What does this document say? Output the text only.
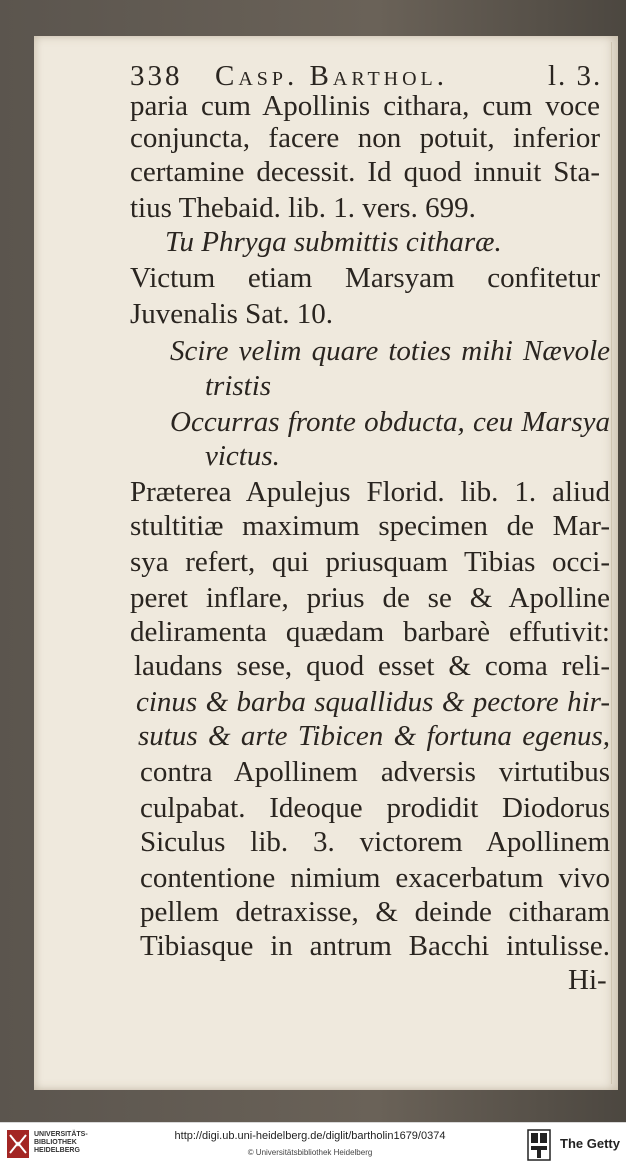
338 Casp. Barthol.	l. 3.
paria cum Apollinis cithara, cum voce
conjuncta, facere non potuit, inferior
certamine decessit. Id quod innuit Sta-
tius Thebaid. lib. 1. vers. 699.
Tu Phryga submittis citharæ.
Victum etiam Marsyam confitetur
Juvenalis Sat. 10.
Scire velim quare toties mihi Nævole
tristis
Occurras fronte obducta, ceu Marsya
victus.
Præterea Apulejus Florid. lib. 1. aliud
stultitiæ maximum specimen de Mar-
sya refert, qui priusquam Tibias occi-
peret inflare, prius de se & Apolline
deliramenta quædam barbarè effutivit:
laudans sese, quod esset & coma reli-
cinus & barba squallidus & pectore hir-
sutus & arte Tibicen & fortuna egenus,
contra Apollinem adversis virtutibus
culpabat. Ideoque prodidit Diodorus
Siculus lib. 3. victorem Apollinem
contentione nimium exacerbatum vivo
pellem detraxisse, & deinde citharam
Tibiasque in antrum Bacchi intulisse.
Hi-
UNIVERSITÄTS-
BIBLIOTHEK
HEIDELBERG
http://digi.ub.uni-heidelberg.de/diglit/bartholin1679/0374
© Universitätsbibliothek Heidelberg
The Getty
